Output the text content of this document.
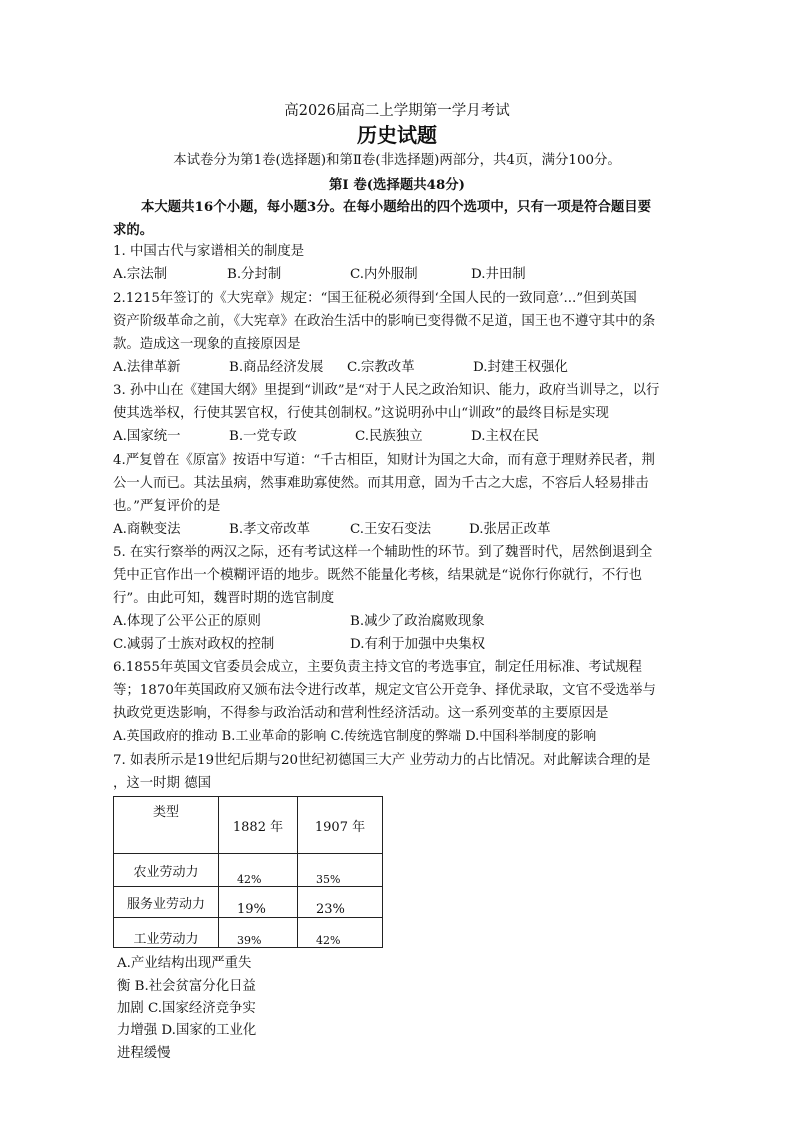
高2026届高二上学期第一学月考试
历史试题
本试卷分为第1卷(选择题)和第Ⅱ卷(非选择题)两部分，共4页，满分100分。
第Ⅰ 卷(选择题共48分)
本大题共16个小题，每小题3分。在每小题给出的四个选项中，只有一项是符合题目要
求的。
1. 中国古代与家谱相关的制度是
A.宗法制	B.分封制	C.内外服制	D.井田制
2.1215年签订的《大宪章》规定：“国王征税必须得到‘全国人民的一致同意’...”但到英国
资产阶级革命之前，《大宪章》在政治生活中的影响已变得微不足道，国王也不遵守其中的条
款。造成这一现象的直接原因是
A.法律革新	B.商品经济发展 C.宗教改革	D.封建王权强化
3. 孙中山在《建国大纲》里提到“训政”是“对于人民之政治知识、能力，政府当训导之，以行
使其选举权，行使其罢官权，行使其创制权。”这说明孙中山“训政”的最终目标是实现
A.国家统一	B.一党专政	C.民族独立	D.主权在民
4.严复曾在《原富》按语中写道：“千古相臣，知财计为国之大命，而有意于理财养民者，荆
公一人而已。其法虽病，然事难助寡使然。而其用意，固为千古之大虑，不容后人轻易排击
也。”严复评价的是
A.商鞅变法	B.孝文帝改革	C.王安石变法	D.张居正改革
5. 在实行察举的两汉之际，还有考试这样一个辅助性的环节。到了魏晋时代，居然倒退到全
凭中正官作出一个模糊评语的地步。既然不能量化考核，结果就是“说你行你就行，不行也
行”。由此可知，魏晋时期的选官制度
A.体现了公平公正的原则	B.减少了政治腐败现象
C.减弱了士族对政权的控制	D.有利于加强中央集权
6.1855年英国文官委员会成立，主要负责主持文官的考选事宜，制定任用标准、考试规程
等；1870年英国政府又颁布法令进行改革，规定文官公开竞争、择优录取，文官不受选举与
执政党更迭影响，不得参与政治活动和营利性经济活动。这一系列变革的主要原因是
A.英国政府的推动 B.工业革命的影响 C.传统选官制度的弊端 D.中国科举制度的影响
7. 如表所示是19世纪后期与20世纪初德国三大产 业劳动力的占比情况。对此解读合理的是
，这一时期 德国
类型	1882 年	1907 年
农业劳动力	42%	35%
服务业劳动力	19%	23%
工业劳动力	39%	42%
A.产业结构出现严重失
衡 B.社会贫富分化日益
加剧 C.国家经济竞争实
力增强 D.国家的工业化
进程缓慢
